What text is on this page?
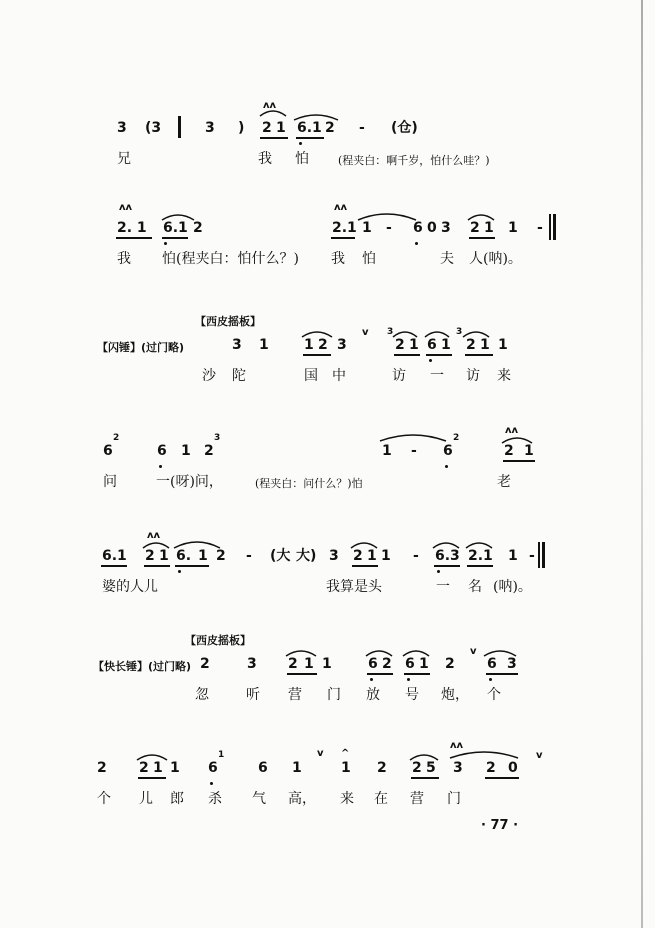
3 (3	3 )
ʌʌ
2 1 6.1 2 - (仓)
兄	我 怕	(程夹白：啊千岁，怕什么哇？)
ʌʌ
2. 1 6.1 2
ʌʌ
2.1 1 - 6 0 3 2 1 1 -
我 怕(程夹白：怕什么？) 我 怕	夫 人(呐)。
【西皮摇板】
【闪锤】(过门略)	3 1	1 2 3
v 3
2 1 6 1
3
2 1 1
沙 陀	国 中	访 一 访 来
6
2
6 1 2
3
1 - 6
2
ʌʌ
2 1
问	一(呀)问，	(程夹白：问什么？)怕	老
6.1
ʌʌ
2 1 6. 1 2 - (大 大) 3 2 1 1 - 6.3 2.1 1 -
婆的人儿	我算是头	一 名 (呐)。
【西皮摇板】
【快长锤】(过门略) 2	3 2 1 1	6 2 6 1 2
v
6 3
忽	听 营 门 放 号 炮， 个
2 2 1 1 6
1
6 1
v ^
1 2 2 5
ʌʌ
3 2 0
v
个 儿 郎 杀 气 高， 来 在 营 门
· 77 ·
